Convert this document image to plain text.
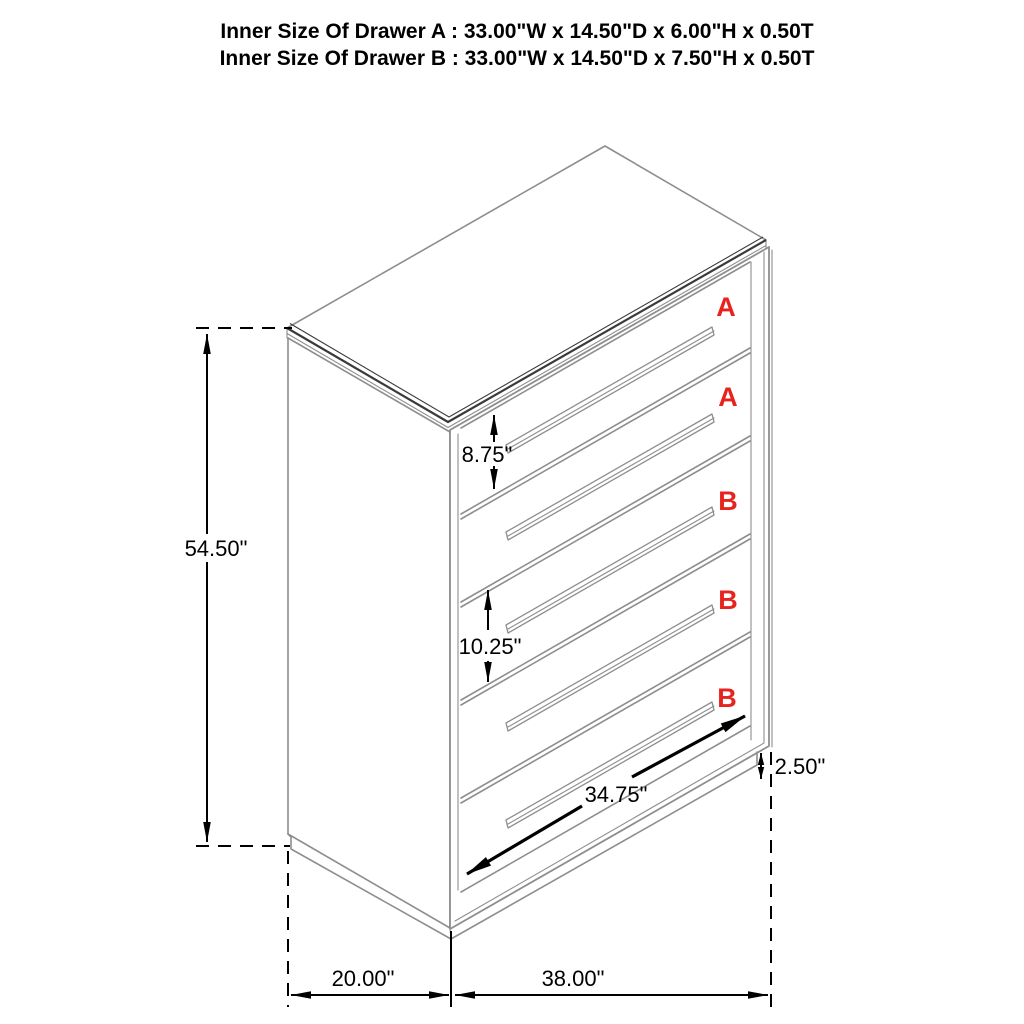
Inner Size Of Drawer A : 33.00"W x 14.50"D x 6.00"H x 0.50T
Inner Size Of Drawer B : 33.00"W x 14.50"D x 7.50"H x 0.50T
54.50"
8.75"
10.25"
2.50"
34.75"
20.00"	38.00"
A
A
B
B
B
